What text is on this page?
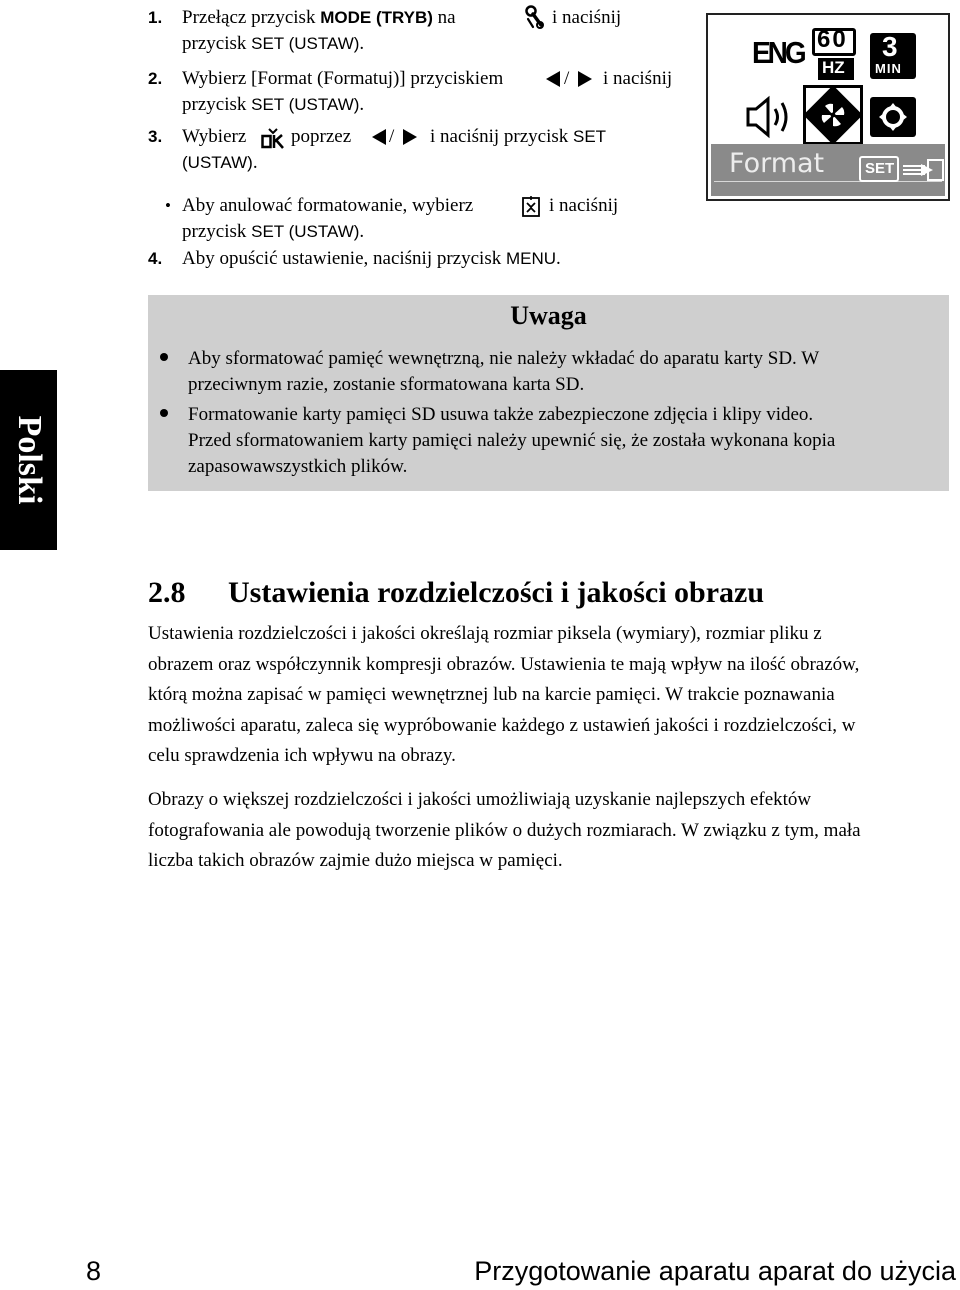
1. Przełącz przycisk MODE (TRYB) na	i naciśnij
przycisk SET (USTAW).
2. Wybierz [Format (Formatuj)] przyciskiem	/ i naciśnij
przycisk SET (USTAW).
3. Wybierz poprzez / i naciśnij przycisk SET
(USTAW).
• Aby anulować formatowanie, wybierz	i naciśnij
przycisk SET (USTAW).
4. Aby opuścić ustawienie, naciśnij przycisk MENU.
ENG 60
HZ
3
MIN
Format	SET
Polski
Uwaga
Aby sformatować pamięć wewnętrzną, nie należy wkładać do aparatu karty SD. W
przeciwnym razie, zostanie sformatowana karta SD.
Formatowanie karty pamięci SD usuwa także zabezpieczone zdjęcia i klipy video.
Przed sformatowaniem karty pamięci należy upewnić się, że została wykonana kopia
zapasowawszystkich plików.
2.8 Ustawienia rozdzielczości i jakości obrazu
Ustawienia rozdzielczości i jakości określają rozmiar piksela (wymiary), rozmiar pliku z
obrazem oraz współczynnik kompresji obrazów. Ustawienia te mają wpływ na ilość obrazów,
którą można zapisać w pamięci wewnętrznej lub na karcie pamięci. W trakcie poznawania
możliwości aparatu, zaleca się wypróbowanie każdego z ustawień jakości i rozdzielczości, w
celu sprawdzenia ich wpływu na obrazy.
Obrazy o większej rozdzielczości i jakości umożliwiają uzyskanie najlepszych efektów
fotografowania ale powodują tworzenie plików o dużych rozmiarach. W związku z tym, mała
liczba takich obrazów zajmie dużo miejsca w pamięci.
8	Przygotowanie aparatu aparat do użycia
